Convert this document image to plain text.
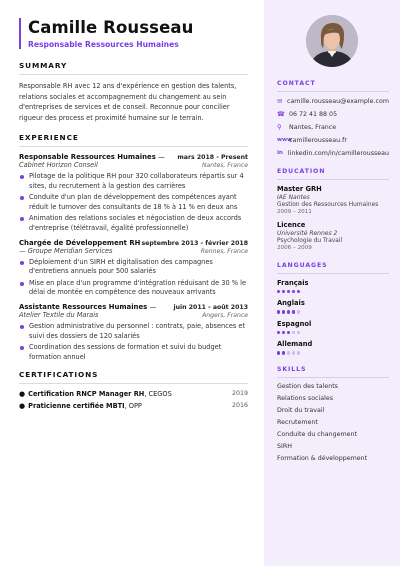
Camille Rousseau
Responsable Ressources Humaines
SUMMARY

Responsable RH avec 12 ans d'expérience en gestion des talents, relations sociales et accompagnement du changement au sein d'entreprises de services et de conseil. Reconnue pour concilier rigueur des process et proximité humaine sur le terrain.

EXPERIENCE
Responsable Ressources Humaines — mars 2018 - Present
Cabinet Horizon Conseil	Nantes, France
Pilotage de la politique RH pour 320 collaborateurs répartis sur 4 sites, du recrutement à la gestion des carrières
Conduite d'un plan de développement des compétences ayant réduit le turnover des consultants de 18 % à 11 % en deux ans
Animation des relations sociales et négociation de deux accords d'entreprise (télétravail, égalité professionnelle)
Chargée de Développement RH septembre 2013 - février 2018
— Groupe Meridian Services	Rennes, France
Déploiement d'un SIRH et digitalisation des campagnes d'entretiens annuels pour 500 salariés
Mise en place d'un programme d'intégration réduisant de 30 % le délai de montée en compétence des nouveaux arrivants
Assistante Ressources Humaines —	juin 2011 - août 2013
Atelier Textile du Marais	Angers, France
Gestion administrative du personnel : contrats, paie, absences et suivi des dossiers de 120 salariés
Coordination des sessions de formation et suivi du budget formation annuel
CERTIFICATIONS
● Certification RNCP Manager RH, CEGOS	2019
● Praticienne certifiée MBTI, OPP	2016
CONTACT
✉ camille.rousseau@example.com
☎ 06 72 41 88 05
⚲	Nantes, France
www
camillerousseau.fr
in linkedin.com/in/camillerousseau
EDUCATION
Master GRH
IAE Nantes
Gestion des Ressources Humaines
2009 – 2011
Licence
Université Rennes 2
Psychologie du Travail
2006 – 2009
LANGUAGES
Français
Anglais
Espagnol
Allemand
SKILLS
Gestion des talents
Relations sociales
Droit du travail
Recrutement
Conduite du changement
SIRH
Formation & développement
